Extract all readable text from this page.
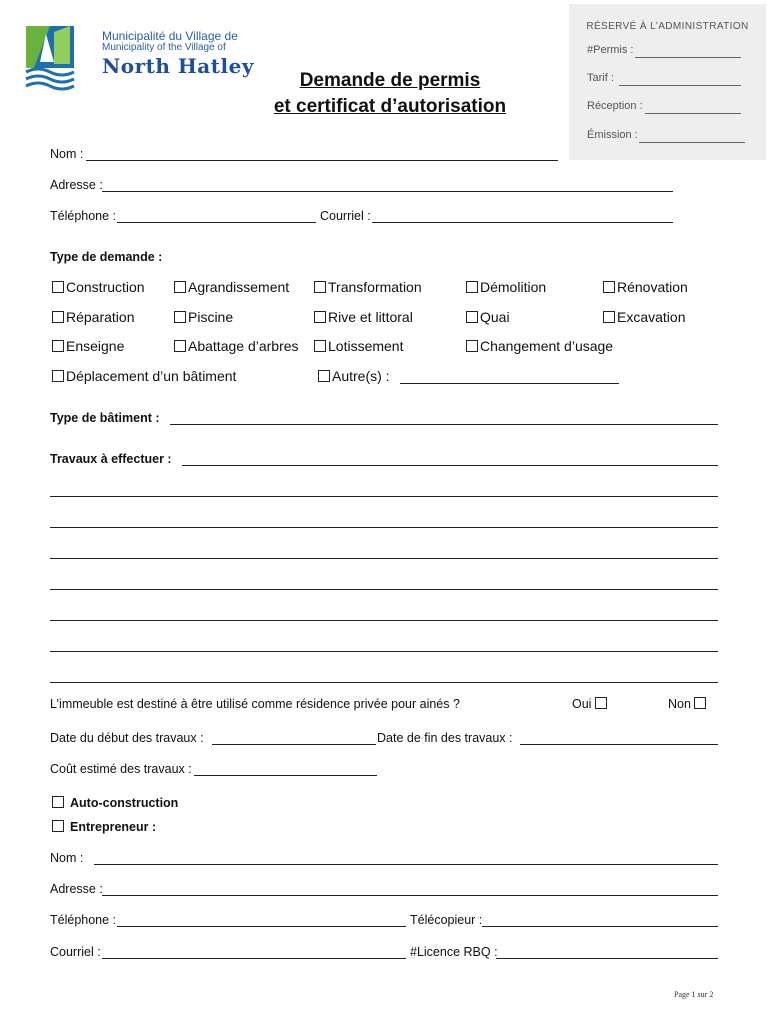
Municipalité du Village de
Municipality of the Village of
North Hatley
Demande de permis
et certificat d’autorisation
RÉSERVÉ À L’ADMINISTRATION
#Permis :
Tarif :
Réception :
Émission :
Nom :
Adresse :
Téléphone :	Courriel :
Type de demande :
Construction	Agrandissement	Transformation	Démolition	Rénovation
Réparation	Piscine	Rive et littoral	Quai	Excavation
Enseigne	Abattage d’arbres	Lotissement	Changement d’usage
Déplacement d’un bâtiment	Autre(s) :
Type de bâtiment :
Travaux à effectuer :
L’immeuble est destiné à être utilisé comme résidence privée pour ainés ?	Oui	Non
Date du début des travaux :	Date de fin des travaux :
Coût estimé des travaux :
Auto-construction
Entrepreneur :
Nom :
Adresse :
Téléphone :	Télécopieur :
Courriel :	#Licence RBQ :
Page 1 sur 2
